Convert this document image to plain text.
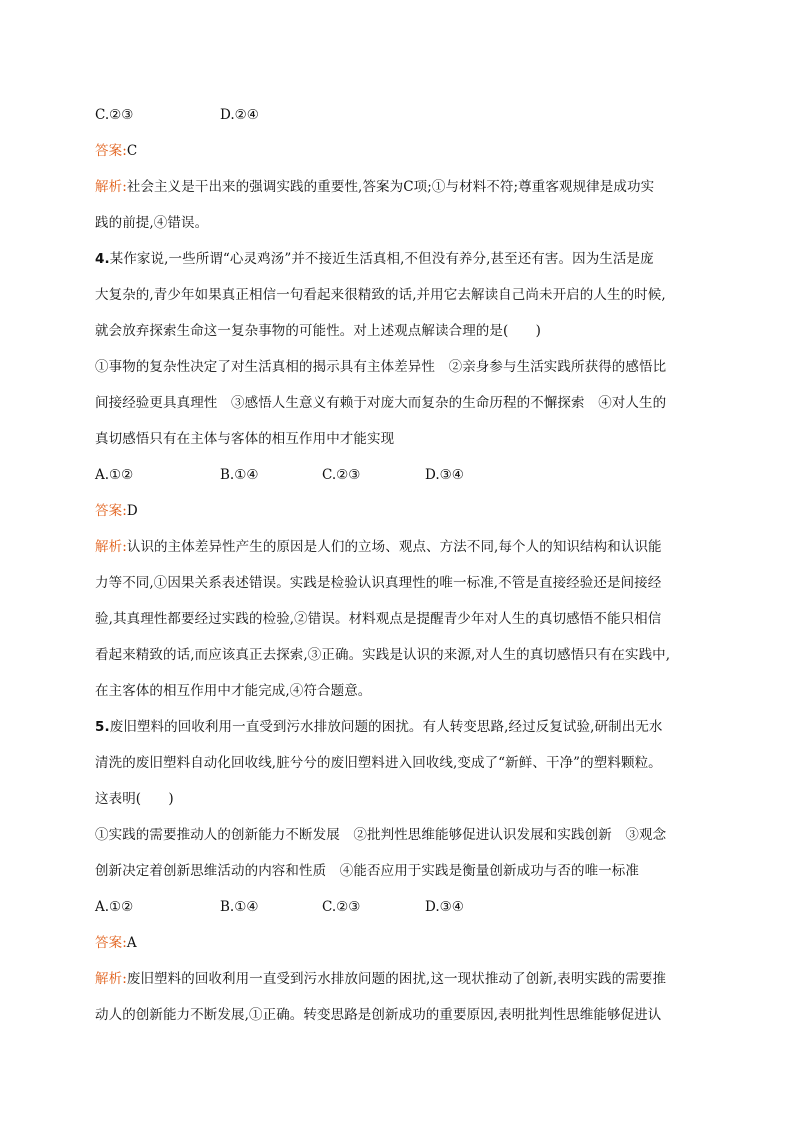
C.②③	D.②④

答案:C

解析:社会主义是干出来的强调实践的重要性,答案为C项;①与材料不符;尊重客观规律是成功实

践的前提,④错误。

4.某作家说,一些所谓“心灵鸡汤”并不接近生活真相,不但没有养分,甚至还有害。因为生活是庞

大复杂的,青少年如果真正相信一句看起来很精致的话,并用它去解读自己尚未开启的人生的时候,

就会放弃探索生命这一复杂事物的可能性。对上述观点解读合理的是(　　)

①事物的复杂性决定了对生活真相的揭示具有主体差异性　②亲身参与生活实践所获得的感悟比

间接经验更具真理性　③感悟人生意义有赖于对庞大而复杂的生命历程的不懈探索　④对人生的

真切感悟只有在主体与客体的相互作用中才能实现

A.①②	B.①④	C.②③	D.③④

答案:D

解析:认识的主体差异性产生的原因是人们的立场、观点、方法不同,每个人的知识结构和认识能

力等不同,①因果关系表述错误。实践是检验认识真理性的唯一标准,不管是直接经验还是间接经

验,其真理性都要经过实践的检验,②错误。材料观点是提醒青少年对人生的真切感悟不能只相信

看起来精致的话,而应该真正去探索,③正确。实践是认识的来源,对人生的真切感悟只有在实践中,

在主客体的相互作用中才能完成,④符合题意。

5.废旧塑料的回收利用一直受到污水排放问题的困扰。有人转变思路,经过反复试验,研制出无水

清洗的废旧塑料自动化回收线,脏兮兮的废旧塑料进入回收线,变成了“新鲜、干净”的塑料颗粒。

这表明(　　)

①实践的需要推动人的创新能力不断发展　②批判性思维能够促进认识发展和实践创新　③观念

创新决定着创新思维活动的内容和性质　④能否应用于实践是衡量创新成功与否的唯一标准

A.①②	B.①④	C.②③	D.③④

答案:A

解析:废旧塑料的回收利用一直受到污水排放问题的困扰,这一现状推动了创新,表明实践的需要推

动人的创新能力不断发展,①正确。转变思路是创新成功的重要原因,表明批判性思维能够促进认
